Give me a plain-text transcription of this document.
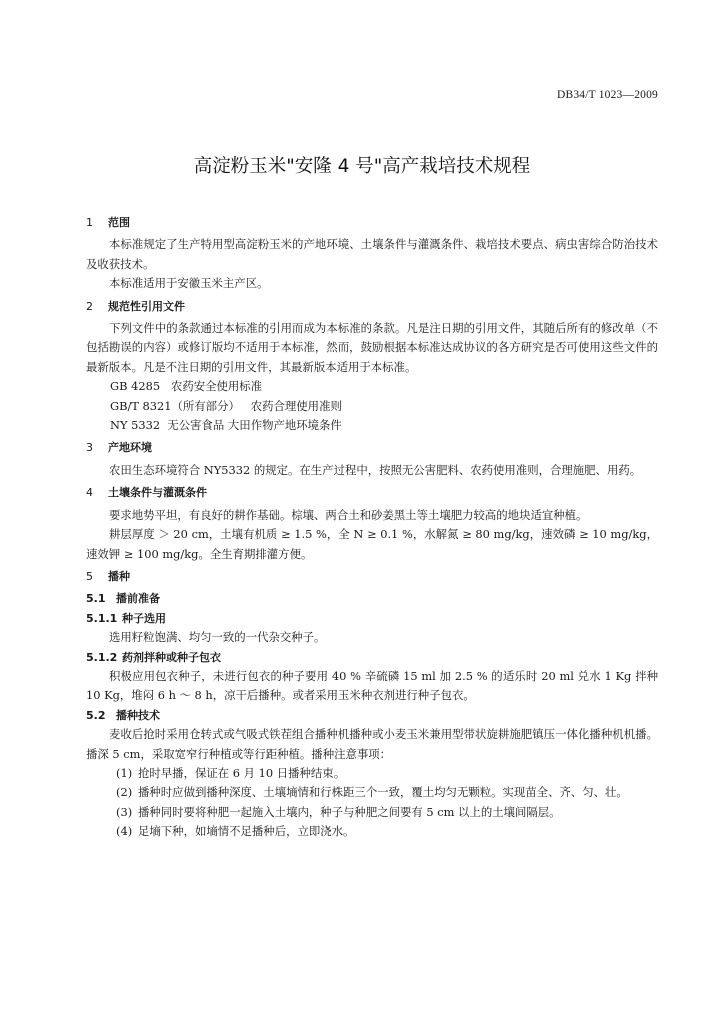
DB34/T 1023—2009
高淀粉玉米"安隆 4 号"高产栽培技术规程
1 范围

本标准规定了生产特用型高淀粉玉米的产地环境、土壤条件与灌溉条件、栽培技术要点、病虫害综合防治技术及收获技术。

本标准适用于安徽玉米主产区。

2 规范性引用文件

下列文件中的条款通过本标准的引用而成为本标准的条款。凡是注日期的引用文件，其随后所有的修改单（不包括勘误的内容）或修订版均不适用于本标准，然而，鼓励根据本标准达成协议的各方研究是否可使用这些文件的最新版本。凡是不注日期的引用文件，其最新版本适用于本标准。

GB 4285   农药安全使用标准

GB/T 8321（所有部分）   农药合理使用准则

NY 5332  无公害食品 大田作物产地环境条件

3 产地环境

农田生态环境符合 NY5332 的规定。在生产过程中，按照无公害肥料、农药使用准则，合理施肥、用药。

4 土壤条件与灌溉条件

要求地势平坦，有良好的耕作基础。棕壤、两合土和砂姜黑土等土壤肥力较高的地块适宜种植。

耕层厚度 ＞ 20 cm，土壤有机质 ≥ 1.5 %，全 N ≥ 0.1 %，水解氮 ≥ 80 mg/kg，速效磷 ≥ 10 mg/kg，速效钾 ≥ 100 mg/kg。全生育期排灌方便。

5 播种
5.1 播前准备
5.1.1 种子选用

选用籽粒饱满、均匀一致的一代杂交种子。

5.1.2 药剂拌种或种子包衣

积极应用包衣种子，未进行包衣的种子要用 40 % 辛硫磷 15 ml 加 2.5 % 的适乐时 20 ml 兑水 1 Kg 拌种 10 Kg，堆闷 6 h ～ 8 h，凉干后播种。或者采用玉米种衣剂进行种子包衣。

5.2 播种技术

麦收后抢时采用仓转式或气吸式铁茬组合播种机播种或小麦玉米兼用型带状旋耕施肥镇压一体化播种机机播。播深 5 cm，采取宽窄行种植或等行距种植。播种注意事项：

(1) 抢时早播，保证在 6 月 10 日播种结束。

(2) 播种时应做到播种深度、土壤墒情和行株距三个一致，覆土均匀无颗粒。实现苗全、齐、匀、壮。

(3) 播种同时要将种肥一起施入土壤内，种子与种肥之间要有 5 cm 以上的土壤间隔层。

(4) 足墒下种，如墒情不足播种后，立即浇水。
